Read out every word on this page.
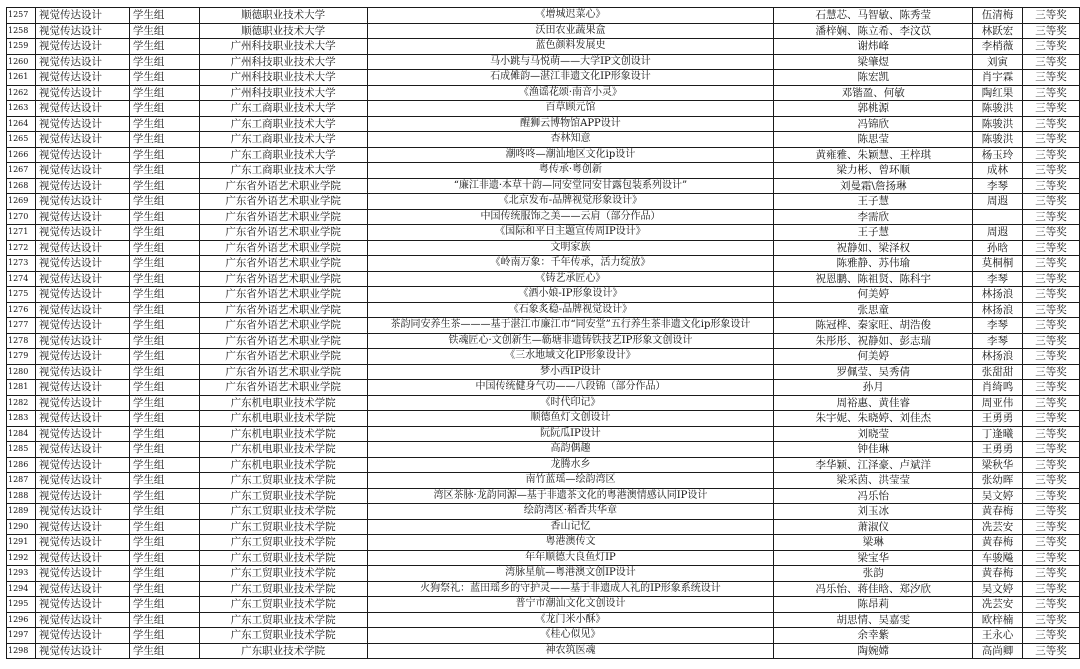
1257	视觉传达设计	学生组	顺德职业技术大学	《增城迟菜心》	石慧芯、马智敏、陈秀莹	伍清梅	三等奖
1258	视觉传达设计	学生组	顺德职业技术大学	沃田农业蔬果盒	潘梓娴、陈立希、李汶苡	林跃宏	三等奖
1259	视觉传达设计	学生组	广州科技职业技术大学	蓝色颜料发展史	谢炜峰	李梢薇	三等奖
1260	视觉传达设计	学生组	广州科技职业技术大学	马小跳与马悦萌——大学IP文创设计	梁肇煜	刘寅	三等奖
1261	视觉传达设计	学生组	广州科技职业技术大学	石成傩韵—湛江非遗文化IP形象设计	陈宏凯	肖宇霖	三等奖
1262	视觉传达设计	学生组	广州科技职业技术大学	《渔谣花颂·南音小灵》	邓锴盈、何敏	陶红果	三等奖
1263	视觉传达设计	学生组	广东工商职业技术大学	百草顾元馆	郭桃源	陈骏洪	三等奖
1264	视觉传达设计	学生组	广东工商职业技术大学	醒狮云博物馆APP设计	冯锦欣	陈骏洪	三等奖
1265	视觉传达设计	学生组	广东工商职业技术大学	杏林知意	陈思莹	陈骏洪	三等奖
1266	视觉传达设计	学生组	广东工商职业技术大学	潮咚咚—潮汕地区文化ip设计	黄雍雅、朱颖慧、王梓琪	杨玉玲	三等奖
1267	视觉传达设计	学生组	广东工商职业技术大学	粤传承·粤创新	梁力彬、曾环顺	成林	三等奖
1268	视觉传达设计	学生组	广东省外语艺术职业学院	“廉江非遗·本草十韵—同安堂同安甘露包装系列设计”	刘曼霜\詹扬琳	李琴	三等奖
1269	视觉传达设计	学生组	广东省外语艺术职业学院	《北京发布-品牌视觉形象设计》	王子慧	周遐	三等奖
1270	视觉传达设计	学生组	广东省外语艺术职业学院	中国传统服饰之美——云肩（部分作品）	李需欣		三等奖
1271	视觉传达设计	学生组	广东省外语艺术职业学院	《国际和平日主题宣传周IP设计》	王子慧	周遐	三等奖
1272	视觉传达设计	学生组	广东省外语艺术职业学院	文明家族	祝静如、梁泽权	孙晗	三等奖
1273	视觉传达设计	学生组	广东省外语艺术职业学院	《岭南万象：千年传承，活力绽放》	陈雅静、苏伟瑜	莫桐桐	三等奖
1274	视觉传达设计	学生组	广东省外语艺术职业学院	《铸艺承匠心》	祝恩鹏、陈祖贤、陈科宇	李琴	三等奖
1275	视觉传达设计	学生组	广东省外语艺术职业学院	《酒小娘-IP形象设计》	何美婷	林扬浪	三等奖
1276	视觉传达设计	学生组	广东省外语艺术职业学院	《石象炙稳-品牌视觉设计》	张思童	林扬浪	三等奖
1277	视觉传达设计	学生组	广东省外语艺术职业学院	茶韵同安养生茶———基于湛江市廉江市“同安堂”五行养生茶非遗文化ip形象设计	陈冠桦、秦家旺、胡浩俊	李琴	三等奖
1278	视觉传达设计	学生组	广东省外语艺术职业学院	铁魂匠心·文创新生—簕塘非遗铸铁技艺IP形象文创设计	朱彤彤、祝静如、彭志瑞	李琴	三等奖
1279	视觉传达设计	学生组	广东省外语艺术职业学院	《三水地域文化IP形象设计》	何美婷	林扬浪	三等奖
1280	视觉传达设计	学生组	广东省外语艺术职业学院	梦小西IP设计	罗佩莹、吴秀倩	张甜甜	三等奖
1281	视觉传达设计	学生组	广东省外语艺术职业学院	中国传统健身气功——八段锦（部分作品）	孙月	肖绮鸣	三等奖
1282	视觉传达设计	学生组	广东机电职业技术学院	《时代印记》	周裕惠、黄佳睿	周亚伟	三等奖
1283	视觉传达设计	学生组	广东机电职业技术学院	顺德鱼灯文创设计	朱宇妮、朱晓婷、刘佳杰	王勇勇	三等奖
1284	视觉传达设计	学生组	广东机电职业技术学院	阮阮瓜IP设计	刘晓莹	丁逢曦	三等奖
1285	视觉传达设计	学生组	广东机电职业技术学院	高韵偶趣	钟佳琳	王勇勇	三等奖
1286	视觉传达设计	学生组	广东机电职业技术学院	龙腾水乡	李华颖、江泽豪、卢斌洋	梁秋华	三等奖
1287	视觉传达设计	学生组	广东工贸职业技术学院	南竹蓝瑶—绘韵湾区	梁采茵、洪莹莹	张幼晖	三等奖
1288	视觉传达设计	学生组	广东工贸职业技术学院	湾区茶脉·龙韵同源—基于非遗茶文化的粤港澳情感认同IP设计	冯乐怡	吴文婷	三等奖
1289	视觉传达设计	学生组	广东工贸职业技术学院	绘韵湾区·稻香共华章	刘玉冰	黄春梅	三等奖
1290	视觉传达设计	学生组	广东工贸职业技术学院	香山记忆	萧淑仪	冼芸安	三等奖
1291	视觉传达设计	学生组	广东工贸职业技术学院	粤港澳传文	梁琳	黄春梅	三等奖
1292	视觉传达设计	学生组	广东工贸职业技术学院	年年顺德大良鱼灯IP	梁宝华	车骏飚	三等奖
1293	视觉传达设计	学生组	广东工贸职业技术学院	湾脉星航—粤港澳文创IP设计	张韵	黄春梅	三等奖
1294	视觉传达设计	学生组	广东工贸职业技术学院	火狗祭礼：蓝田瑶乡的守护灵——基于非遗成人礼的IP形象系统设计	冯乐怡、蒋佳晗、郑汐欣	吴文婷	三等奖
1295	视觉传达设计	学生组	广东工贸职业技术学院	普宁市潮汕文化文创设计	陈昂莉	冼芸安	三等奖
1296	视觉传达设计	学生组	广东工贸职业技术学院	《龙门米小酥》	胡思情、吴嘉雯	欧梓楠	三等奖
1297	视觉传达设计	学生组	广东工贸职业技术学院	《桂心似见》	余幸紫	王永心	三等奖
1298	视觉传达设计	学生组	广东职业技术学院	神农筑医魂	陶婉嫦	高尚卿	三等奖
